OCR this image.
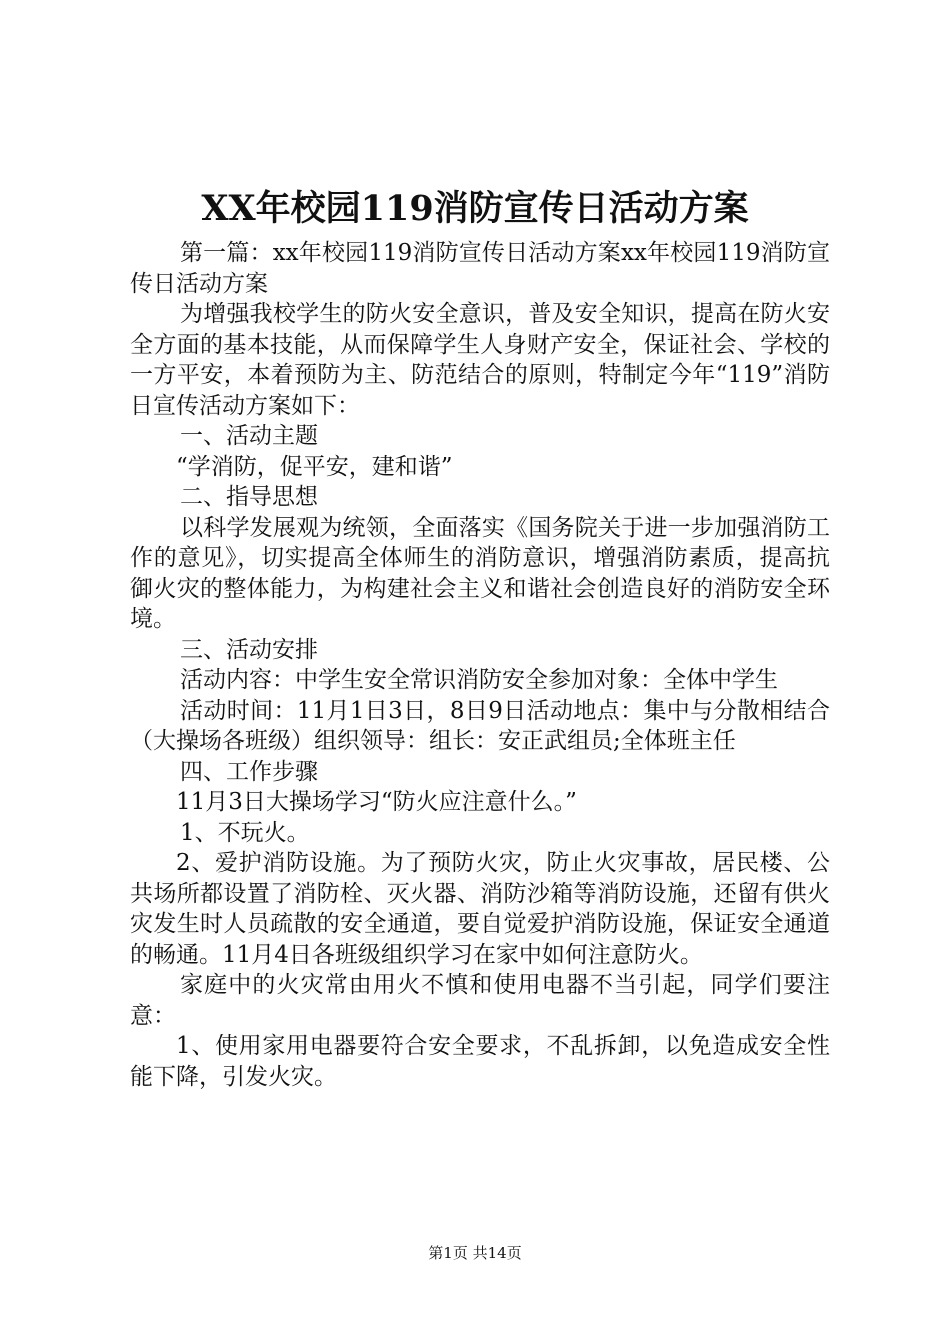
XX年校园119消防宣传日活动方案

第一篇：xx年校园119消防宣传日活动方案xx年校园119消防宣传日活动方案

为增强我校学生的防火安全意识，普及安全知识，提高在防火安全方面的基本技能，从而保障学生人身财产安全，保证社会、学校的一方平安，本着预防为主、防范结合的原则，特制定今年“119”消防日宣传活动方案如下：

一、活动主题

“学消防，促平安，建和谐”

二、指导思想

以科学发展观为统领，全面落实《国务院关于进一步加强消防工作的意见》，切实提高全体师生的消防意识，增强消防素质，提高抗御火灾的整体能力，为构建社会主义和谐社会创造良好的消防安全环境。

三、活动安排

活动内容：中学生安全常识消防安全参加对象：全体中学生

活动时间：11月1日3日，8日9日活动地点：集中与分散相结合（大操场各班级）组织领导：组长：安正武组员;全体班主任

四、工作步骤

11月3日大操场学习“防火应注意什么。”

1、不玩火。

2、爱护消防设施。为了预防火灾，防止火灾事故，居民楼、公共场所都设置了消防栓、灭火器、消防沙箱等消防设施，还留有供火灾发生时人员疏散的安全通道，要自觉爱护消防设施，保证安全通道的畅通。11月4日各班级组织学习在家中如何注意防火。

家庭中的火灾常由用火不慎和使用电器不当引起，同学们要注意：

1、使用家用电器要符合安全要求，不乱拆卸，以免造成安全性能下降，引发火灾。

第1页 共14页
